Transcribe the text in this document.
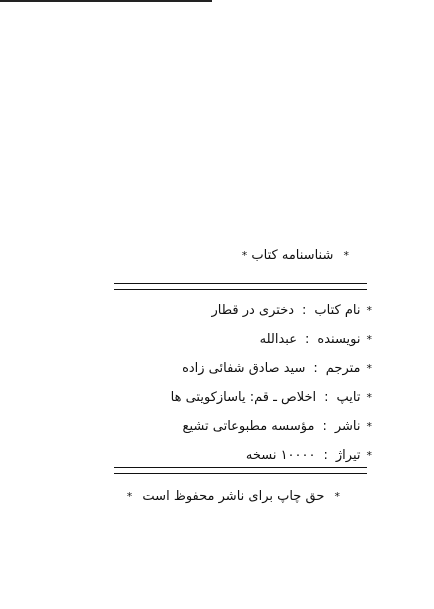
* شناسنامه کتاب *
*
نام کتاب
:
دختری در قطار
*
نویسنده
:
عبدالله
*
مترجم
:
سید صادق شفائی زاده
*
تایپ
:
اخلاص ـ قم: یاسازکویتی ها
*
ناشر
:
مؤسسه مطبوعاتی تشیع
*
تیراژ
:
۱۰۰۰۰ نسخه
* حق چاپ برای ناشر محفوظ است *
